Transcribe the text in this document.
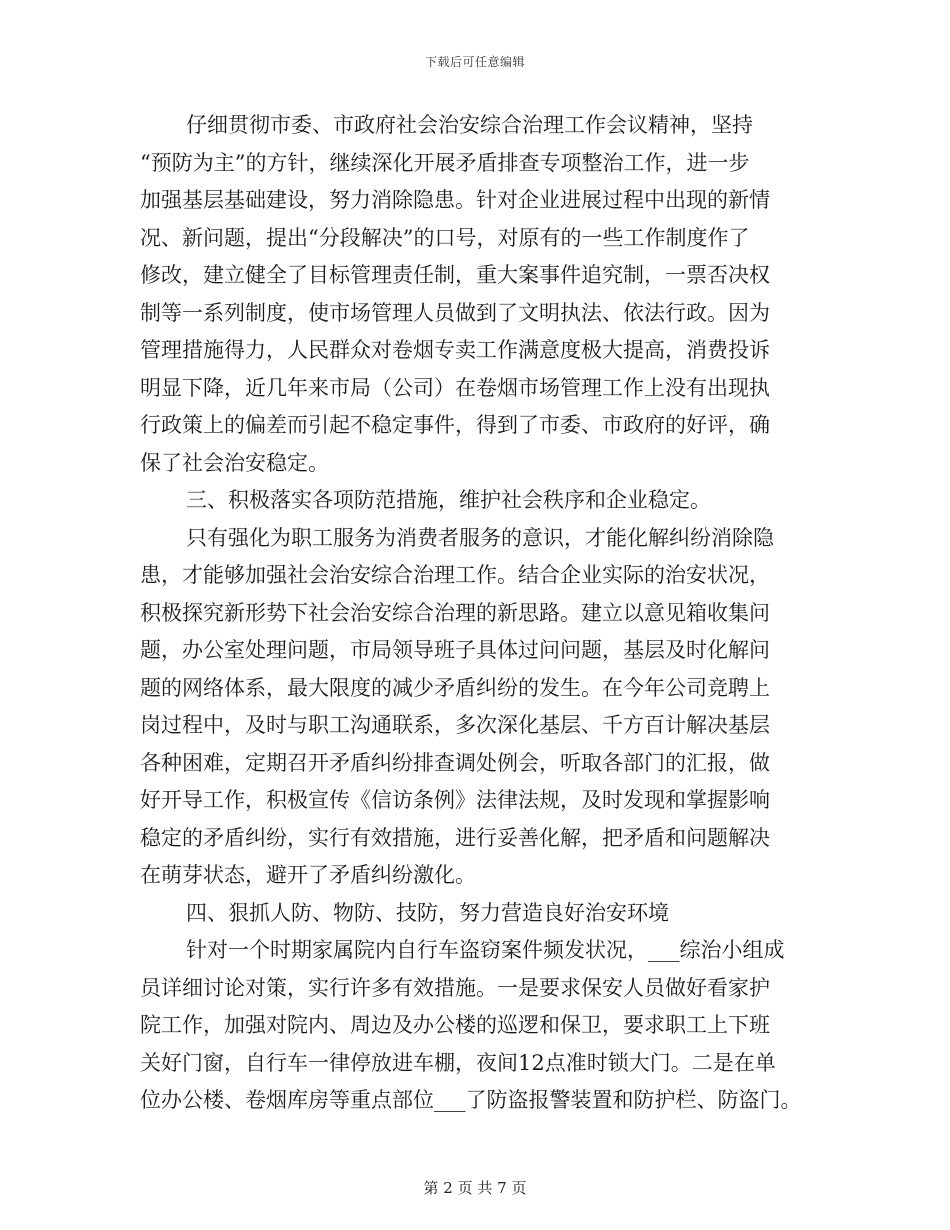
下载后可任意编辑
仔细贯彻市委、市政府社会治安综合治理工作会议精神，坚持
“预防为主”的方针，继续深化开展矛盾排查专项整治工作，进一步
加强基层基础建设，努力消除隐患。针对企业进展过程中出现的新情
况、新问题，提出“分段解决”的口号，对原有的一些工作制度作了
修改，建立健全了目标管理责任制，重大案事件追究制，一票否决权
制等一系列制度，使市场管理人员做到了文明执法、依法行政。因为
管理措施得力，人民群众对卷烟专卖工作满意度极大提高，消费投诉
明显下降，近几年来市局（公司）在卷烟市场管理工作上没有出现执
行政策上的偏差而引起不稳定事件，得到了市委、市政府的好评，确
保了社会治安稳定。
三、积极落实各项防范措施，维护社会秩序和企业稳定。
只有强化为职工服务为消费者服务的意识，才能化解纠纷消除隐
患，才能够加强社会治安综合治理工作。结合企业实际的治安状况，
积极探究新形势下社会治安综合治理的新思路。建立以意见箱收集问
题，办公室处理问题，市局领导班子具体过问问题，基层及时化解问
题的网络体系，最大限度的减少矛盾纠纷的发生。在今年公司竞聘上
岗过程中，及时与职工沟通联系，多次深化基层、千方百计解决基层
各种困难，定期召开矛盾纠纷排查调处例会，听取各部门的汇报，做
好开导工作，积极宣传《信访条例》法律法规，及时发现和掌握影响
稳定的矛盾纠纷，实行有效措施，进行妥善化解，把矛盾和问题解决
在萌芽状态，避开了矛盾纠纷激化。
四、狠抓人防、物防、技防，努力营造良好治安环境
针对一个时期家属院内自行车盗窃案件频发状况，___综治小组成
员详细讨论对策，实行许多有效措施。一是要求保安人员做好看家护
院工作，加强对院内、周边及办公楼的巡逻和保卫，要求职工上下班
关好门窗，自行车一律停放进车棚，夜间12点准时锁大门。二是在单
位办公楼、卷烟库房等重点部位___了防盗报警装置和防护栏、防盗门。
第 2 页 共 7 页
